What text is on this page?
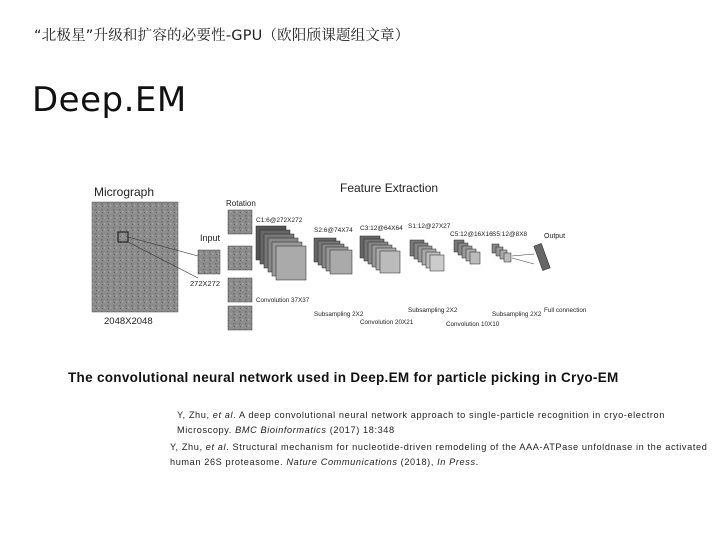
“北极星”升级和扩容的必要性-GPU（欧阳颀课题组文章）
Deep.EM
Micrograph
2048X2048
Input
272X272
Rotation
Feature Extraction
C1:6@272X272
S2:6@74X74 C3:12@64X64 S1:12@27X27
C5:12@16X16 S5:12@8X8 Output
Convolution 37X37
Subsampling 2X2
Convolution 20X21
Subsampling 2X2
Convolution 10X10
Subsampling 2X2
Full connection
The convolutional neural network used in Deep.EM for particle picking in Cryo-EM
Y, Zhu, et al. A deep convolutional neural network approach to single-particle recognition in cryo-electron Microscopy. BMC Bioinformatics (2017) 18:348
Y, Zhu, et al. Structural mechanism for nucleotide-driven remodeling of the AAA-ATPase unfoldnase in the activated human 26S proteasome. Nature Communications (2018), In Press.
